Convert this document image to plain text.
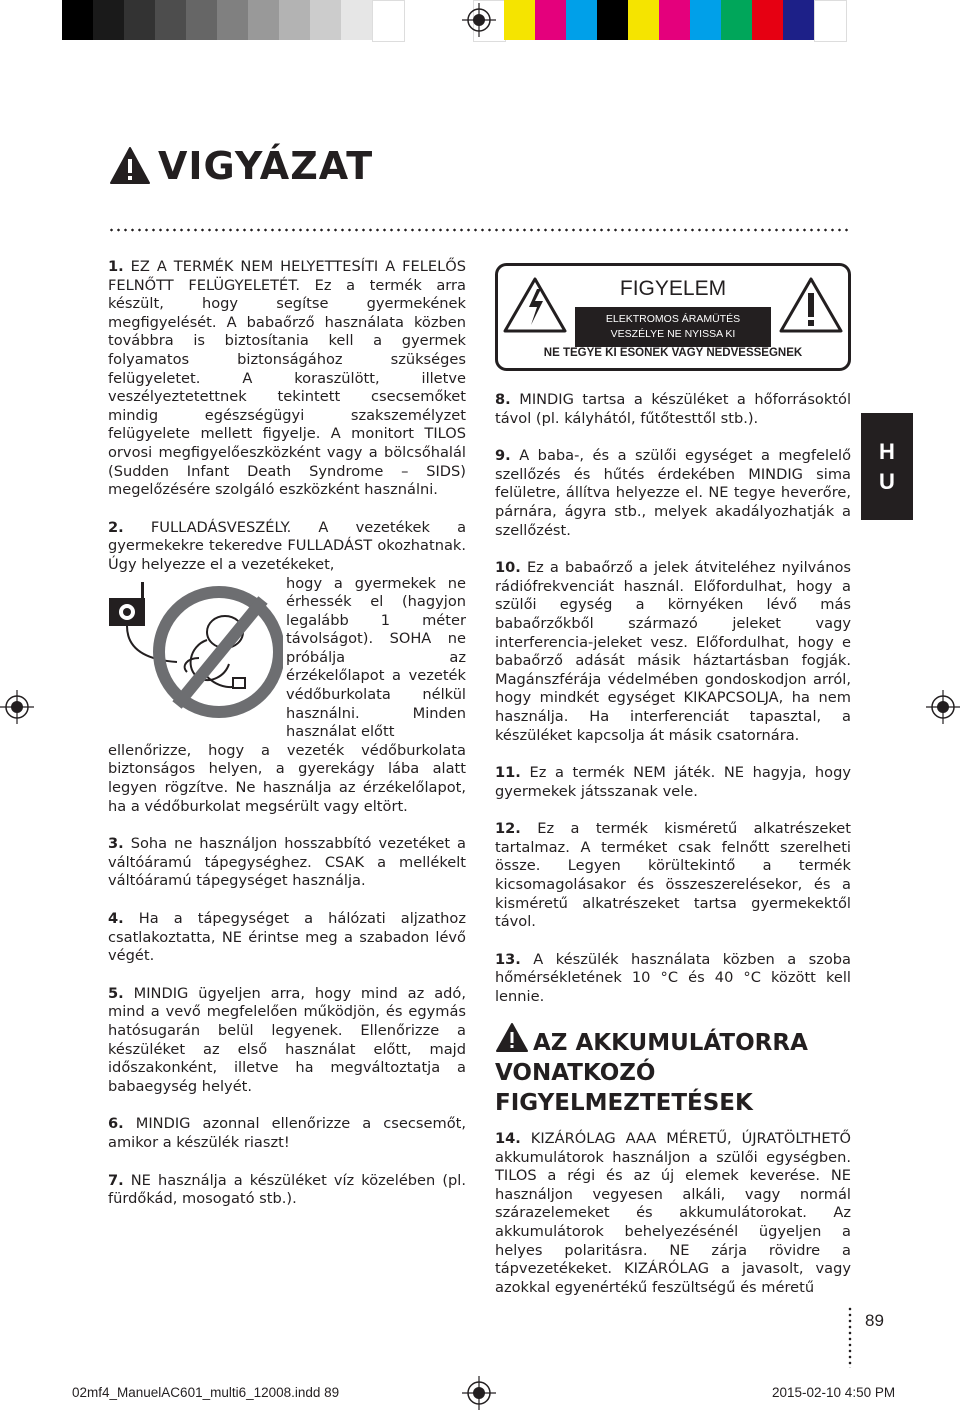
VIGYÁZAT

1. EZ A TERMÉK NEM HELYETTESÍTI A FELELŐS FELNŐTT FELÜGYELETÉT. Ez a termék arra készült, hogy segítse gyermekének megfigyelését. A babaőrző használata közben továbbra is biztosítania kell a gyermek folyamatos biztonságához szükséges felügyeletet. A koraszülött, illetve veszélyeztetettnek tekintett csecsemőket mindig egészségügyi szakszemélyzet felügyelete mellett figyelje. A monitort TILOS orvosi megfigyelőeszközként vagy a bölcsőhalál (Sudden Infant Death Syndrome – SIDS) megelőzésére szolgáló eszközként használni.

2. FULLADÁSVESZÉLY. A vezetékek a gyermekekre tekeredve FULLADÁST okozhatnak. Úgy helyezze el a vezetékeket,

hogy a gyermekek ne érhessék el (hagyjon legalább 1 méter távolságot). SOHA ne próbálja az érzékelőlapot a vezeték védőburkolata nélkül használni. Minden használat előtt

ellenőrizze, hogy a vezeték védőburkolata biztonságos helyen, a gyerekágy lába alatt legyen rögzítve. Ne használja az érzékelőlapot, ha a védőburkolat megsérült vagy eltört.

3. Soha ne használjon hosszabbító vezetéket a váltóáramú tápegységhez. CSAK a mellékelt váltóáramú tápegységet használja.

4. Ha a tápegységet a hálózati aljzathoz csatlakoztatta, NE érintse meg a szabadon lévő végét.

5. MINDIG ügyeljen arra, hogy mind az adó, mind a vevő megfelelően működjön, és egymás hatósugarán belül legyenek. Ellenőrizze a készüléket az első használat előtt, majd időszakonként, illetve ha megváltoztatja a babaegység helyét.

6. MINDIG azonnal ellenőrizze a csecsemőt, amikor a készülék riaszt!

7. NE használja a készüléket víz közelében (pl. fürdőkád, mosogató stb.).

FIGYELEM
ELEKTROMOS ÁRAMÜTÉS
VESZÉLYE NE NYISSA KI
NE TEGYE KI ESŐNEK VAGY NEDVESSÉGNEK
H
U

8. MINDIG tartsa a készüléket a hőforrásoktól távol (pl. kályhától, fűtőtesttől stb.).

9. A baba-, és a szülői egységet a megfelelő szellőzés és hűtés érdekében MINDIG sima felületre, állítva helyezze el. NE tegye heverőre, párnára, ágyra stb., melyek akadályozhatják a szellőzést.

10. Ez a babaőrző a jelek átviteléhez nyilvános rádiófrekvenciát használ. Előfordulhat, hogy a szülői egység a környéken lévő más babaőrzőkből származó jeleket vagy interferencia-jeleket vesz. Előfordulhat, hogy e babaőrző adását másik háztartásban fogják. Magánszférája védelmében gondoskodjon arról, hogy mindkét egységet KIKAPCSOLJA, ha nem használja. Ha interferenciát tapasztal, a készüléket kapcsolja át másik csatornára.

11. Ez a termék NEM játék. NE hagyja, hogy gyermekek játsszanak vele.

12. Ez a termék kisméretű alkatrészeket tartalmaz. A terméket csak felnőtt szerelheti össze. Legyen körültekintő a termék kicsomagolásakor és összeszerelésekor, és a kisméretű alkatrészeket tartsa gyermekektől távol.

13. A készülék használata közben a szoba hőmérsékletének 10 °C és 40 °C között kell lennie.

AZ AKKUMULÁTORRA
VONATKOZÓ
FIGYELMEZTETÉSEK

14. KIZÁRÓLAG AAA MÉRETŰ, ÚJRATÖLTHETŐ akkumulátorok használjon a szülői egységben. TILOS a régi és az új elemek keverése. NE használjon vegyesen alkáli, vagy normál szárazelemeket és akkumulátorokat. Az akkumulátorok behelyezésénél ügyeljen a helyes polaritásra. NE zárja rövidre a tápvezetékeket. KIZÁRÓLAG a javasolt, vagy azokkal egyenértékű feszültségű és méretű

89
02mf4_ManuelAC601_multi6_12008.indd 89	2015-02-10 4:50 PM
